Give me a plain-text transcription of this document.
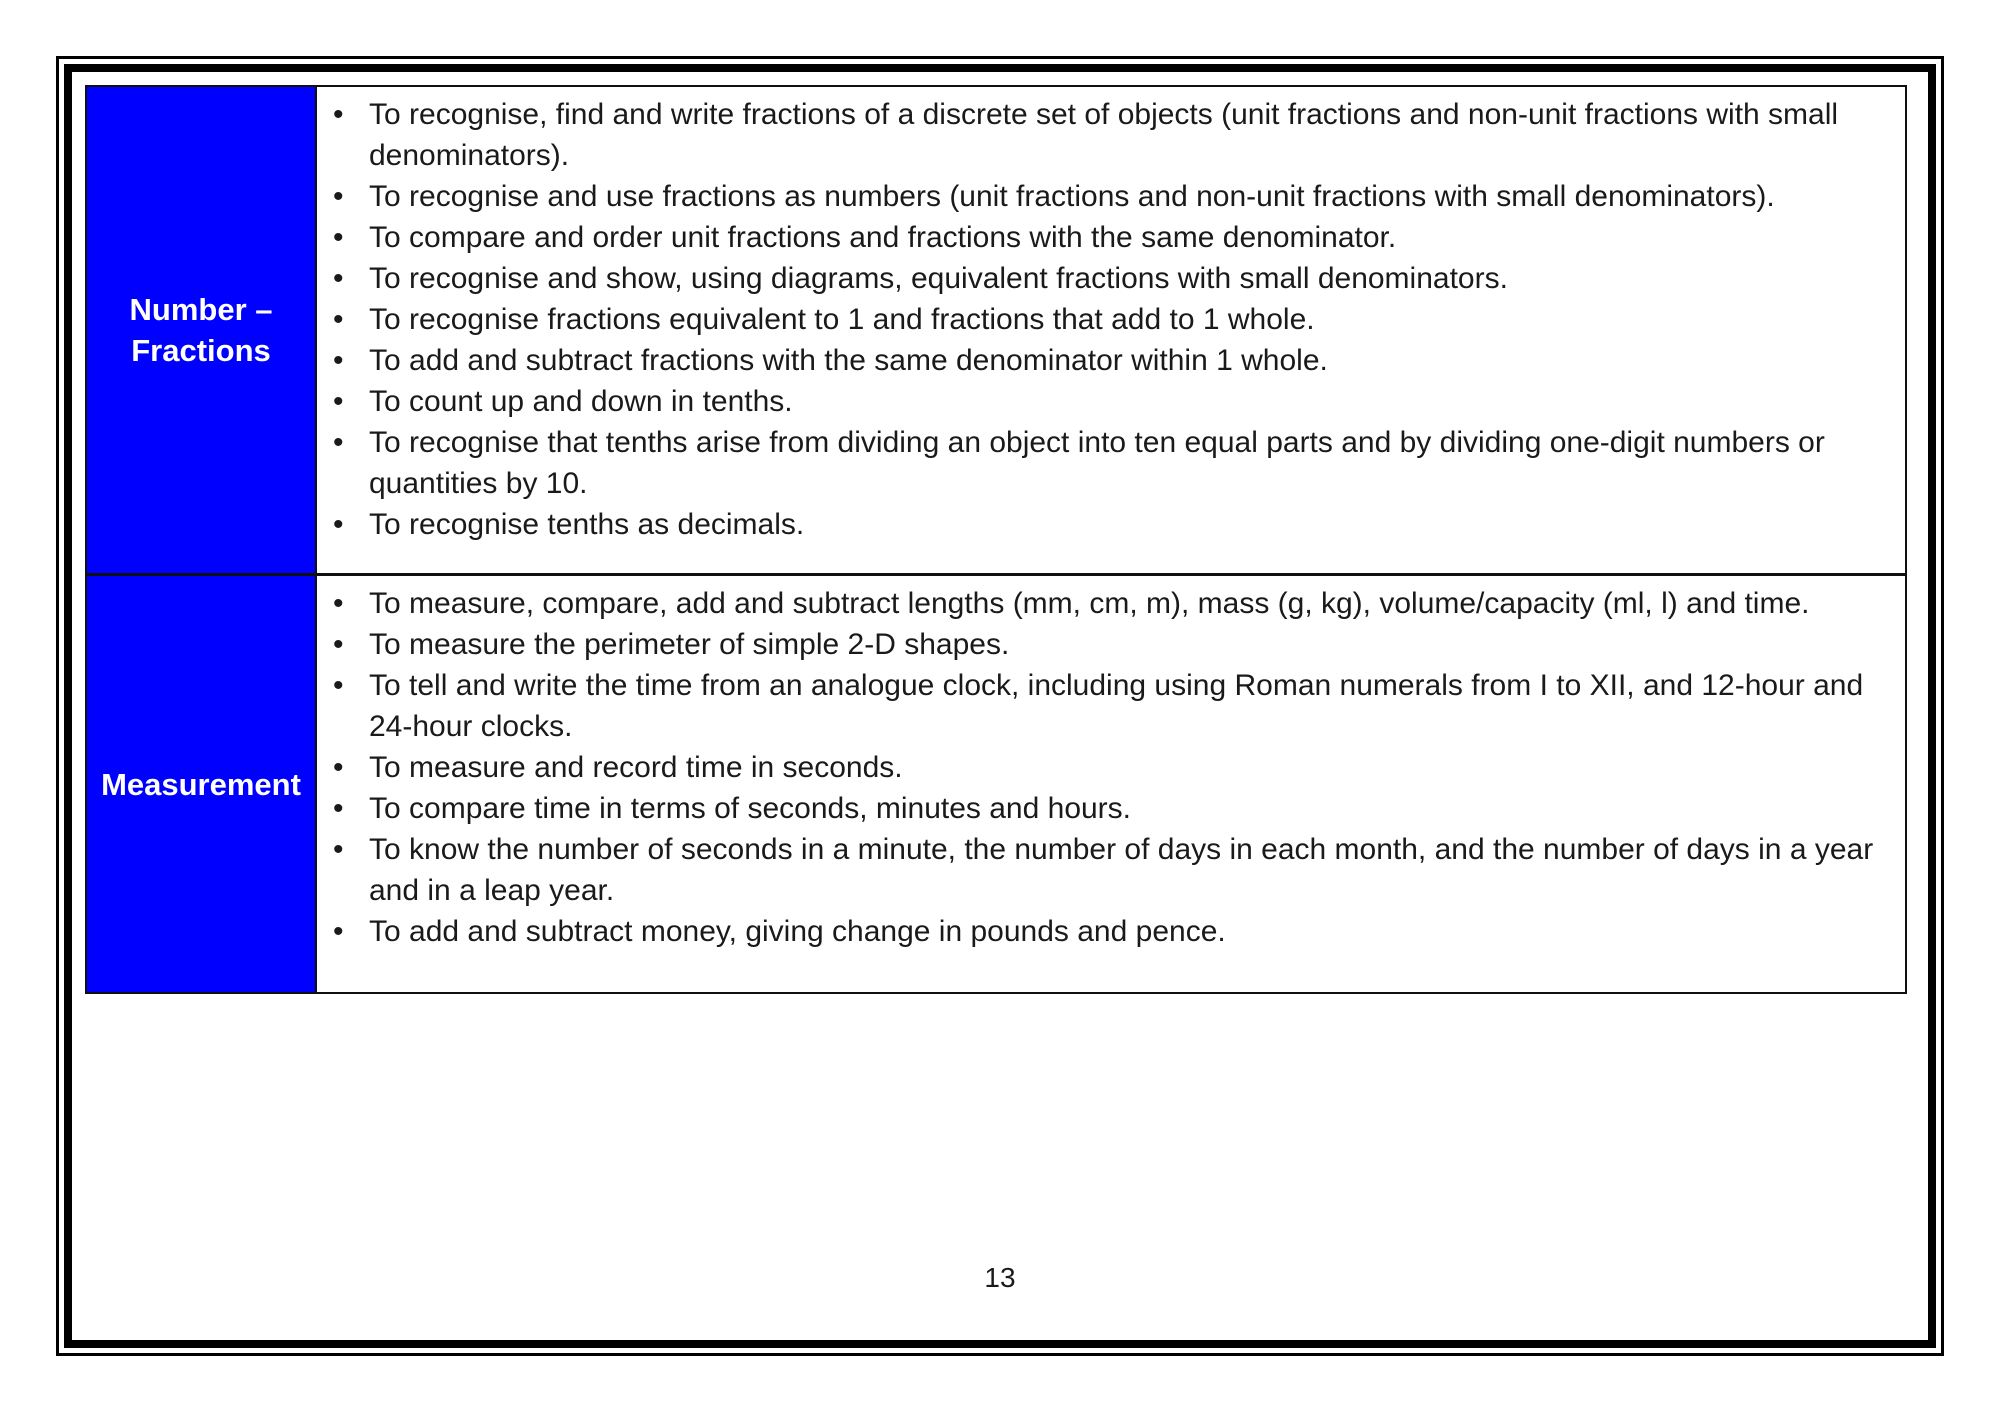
Number – Fractions
• To recognise, find and write fractions of a discrete set of objects (unit fractions and non-unit fractions with small denominators).
• To recognise and use fractions as numbers (unit fractions and non-unit fractions with small denominators).
• To compare and order unit fractions and fractions with the same denominator.
• To recognise and show, using diagrams, equivalent fractions with small denominators.
• To recognise fractions equivalent to 1 and fractions that add to 1 whole.
• To add and subtract fractions with the same denominator within 1 whole.
• To count up and down in tenths.
• To recognise that tenths arise from dividing an object into ten equal parts and by dividing one-digit numbers or quantities by 10.
• To recognise tenths as decimals.
Measurement
• To measure, compare, add and subtract lengths (mm, cm, m), mass (g, kg), volume/capacity (ml, l) and time.
• To measure the perimeter of simple 2-D shapes.
• To tell and write the time from an analogue clock, including using Roman numerals from I to XII, and 12-hour and 24-hour clocks.
• To measure and record time in seconds.
• To compare time in terms of seconds, minutes and hours.
• To know the number of seconds in a minute, the number of days in each month, and the number of days in a year and in a leap year.
• To add and subtract money, giving change in pounds and pence.
13
